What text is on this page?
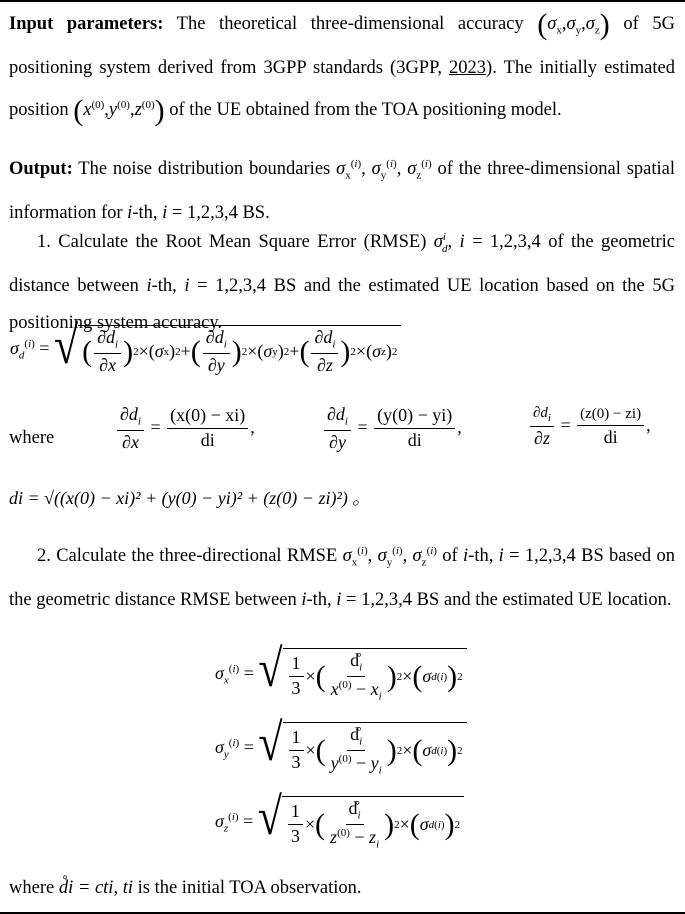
Input parameters: The theoretical three-dimensional accuracy $(\sigma_x,\sigma_y,\sigma_z)$ of 5G positioning system derived from 3GPP standards (3GPP, 2023). The initially estimated position $(x^{(0)},y^{(0)},z^{(0)})$ of the UE obtained from the TOA positioning model.

Output: The noise distribution boundaries $\sigma_x^{(i)}$, $\sigma_y^{(i)}$, $\sigma_z^{(i)}$ of the three-dimensional spatial information for i-th, i = 1,2,3,4 BS.

1. Calculate the Root Mean Square Error (RMSE) $\sigma^i_d$, i = 1,2,3,4 of the geometric distance between i-th, i = 1,2,3,4 BS and the estimated UE location based on the 5G positioning system accuracy.

$\sigma_d^{(i)}$ = √ ( $\frac{\partial d_i}{\partial x}$ ) 2 ×( σ x ) 2 + ( $\frac{\partial d_i}{\partial y}$ ) 2 ×( σ y ) 2 + ( $\frac{\partial d_i}{\partial z}$ ) 2 ×( σ z ) 2
where	$\frac{\partial d_i}{\partial x} = \frac{(x(0) - xi)}{di}$ ,	$\frac{\partial d_i}{\partial y} = \frac{(y(0) - yi)}{di}$ ,	$\frac{\partial d_i}{\partial z} = \frac{(z(0) - zi)}{di}$ ,
di = √((x(0) − xi)² + (y(0) − yi)² + (z(0) − zi)²) 。

2. Calculate the three-directional RMSE $\sigma_x^{(i)}$, $\sigma_y^{(i)}$, $\sigma_z^{(i)}$ of i-th, i = 1,2,3,4 BS based on the geometric distance RMSE between i-th, i = 1,2,3,4 BS and the estimated UE location.

$\sigma_x^{(i)}$ = √ $\frac{1}{3}$ × ( $\frac{d̊_i}{x^{(0)} - x_i}$ ) 2 × ( σ d (i) ) 2
$\sigma_y^{(i)}$ = √ $\frac{1}{3}$ × ( $\frac{d̊_i}{y^{(0)} - y_i}$ ) 2 × ( σ d (i) ) 2
$\sigma_z^{(i)}$ = √ $\frac{1}{3}$ × ( $\frac{d̊_i}{z^{(0)} - z_i}$ ) 2 × ( σ d (i) ) 2

where d̊i = cti, ti is the initial TOA observation.
